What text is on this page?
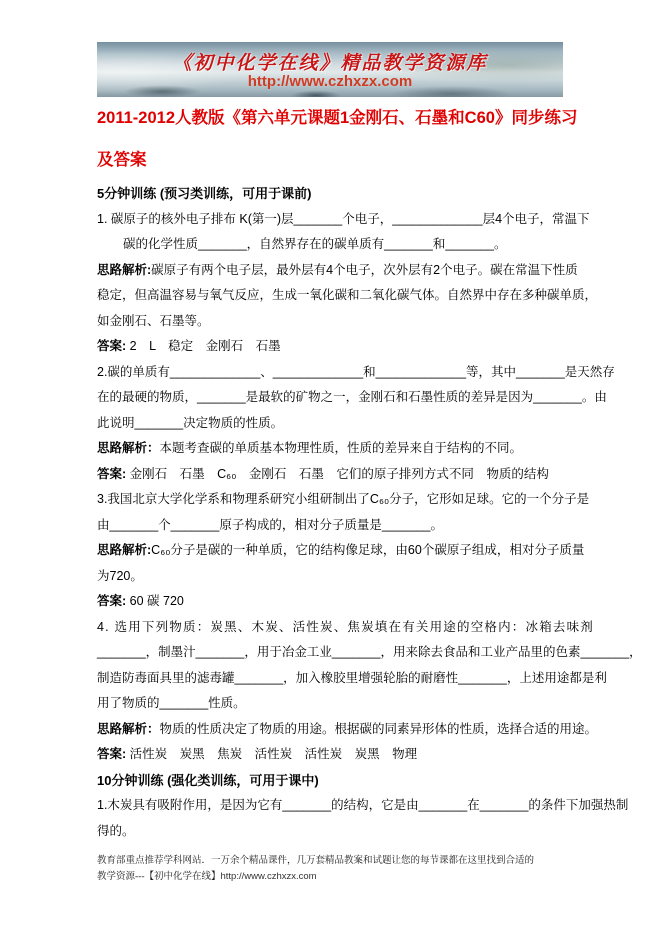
《初中化学在线》精品教学资源库
http://www.czhxzx.com
2011-2012人教版《第六单元课题1金刚石、石墨和C60》同步练习
及答案
5分钟训练 (预习类训练，可用于课前)
1. 碳原子的核外电子排布 K(第一)层_______个电子，_____________层4个电子，常温下
碳的化学性质_______，自然界存在的碳单质有_______和_______。
思路解析:碳原子有两个电子层，最外层有4个电子，次外层有2个电子。碳在常温下性质
稳定，但高温容易与氧气反应，生成一氧化碳和二氧化碳气体。自然界中存在多种碳单质，
如金刚石、石墨等。
答案: 2　L　稳定　金刚石　石墨
2.碳的单质有_____________、_____________和_____________等，其中_______是天然存
在的最硬的物质，_______是最软的矿物之一，金刚石和石墨性质的差异是因为_______。由
此说明_______决定物质的性质。
思路解析：本题考查碳的单质基本物理性质，性质的差异来自于结构的不同。
答案: 金刚石　石墨　C₆₀　金刚石　石墨　它们的原子排列方式不同　物质的结构
3.我国北京大学化学系和物理系研究小组研制出了C₆₀分子，它形如足球。它的一个分子是
由_______个_______原子构成的，相对分子质量是_______。
思路解析:C₆₀分子是碳的一种单质，它的结构像足球，由60个碳原子组成，相对分子质量
为720。
答案: 60 碳 720
4. 选用下列物质：炭黑、木炭、活性炭、焦炭填在有关用途的空格内：冰箱去味剂
_______，制墨汁_______，用于冶金工业_______，用来除去食品和工业产品里的色素_______，
制造防毒面具里的滤毒罐_______，加入橡胶里增强轮胎的耐磨性_______，上述用途都是利
用了物质的_______性质。
思路解析：物质的性质决定了物质的用途。根据碳的同素异形体的性质，选择合适的用途。
答案: 活性炭　炭黑　焦炭　活性炭　活性炭　炭黑　物理
10分钟训练 (强化类训练，可用于课中)
1.木炭具有吸附作用，是因为它有_______的结构，它是由_______在_______的条件下加强热制
得的。
教育部重点推荐学科网站．一万余个精品课件，几万套精品教案和试题让您的每节课都在这里找到合适的
教学资源---【初中化学在线】http://www.czhxzx.com
